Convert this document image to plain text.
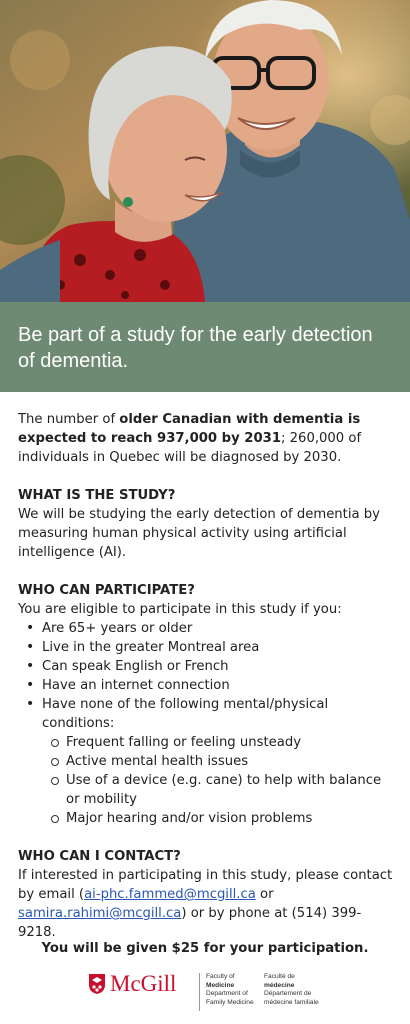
Be part of a study for the early detection of dementia.

The number of older Canadian with dementia is expected to reach 937,000 by 2031; 260,000 of individuals in Quebec will be diagnosed by 2030.

WHAT IS THE STUDY?

We will be studying the early detection of dementia by measuring human physical activity using artificial intelligence (AI).

WHO CAN PARTICIPATE?

You are eligible to participate in this study if you:

• Are 65+ years or older
• Live in the greater Montreal area
• Can speak English or French
• Have an internet connection
• Have none of the following mental/physical conditions:
Frequent falling or feeling unsteady
Active mental health issues
Use of a device (e.g. cane) to help with balance or mobility
Major hearing and/or vision problems

WHO CAN I CONTACT?

If interested in participating in this study, please contact by email (ai-phc.fammed@mcgill.ca or samira.rahimi@mcgill.ca) or by phone at (514) 399-9218.

You will be given $25 for your participation.
McGill	Faculty of
Medicine
Department of
Family Medicine
Faculté de
médecine
Département de
médecine familiale
